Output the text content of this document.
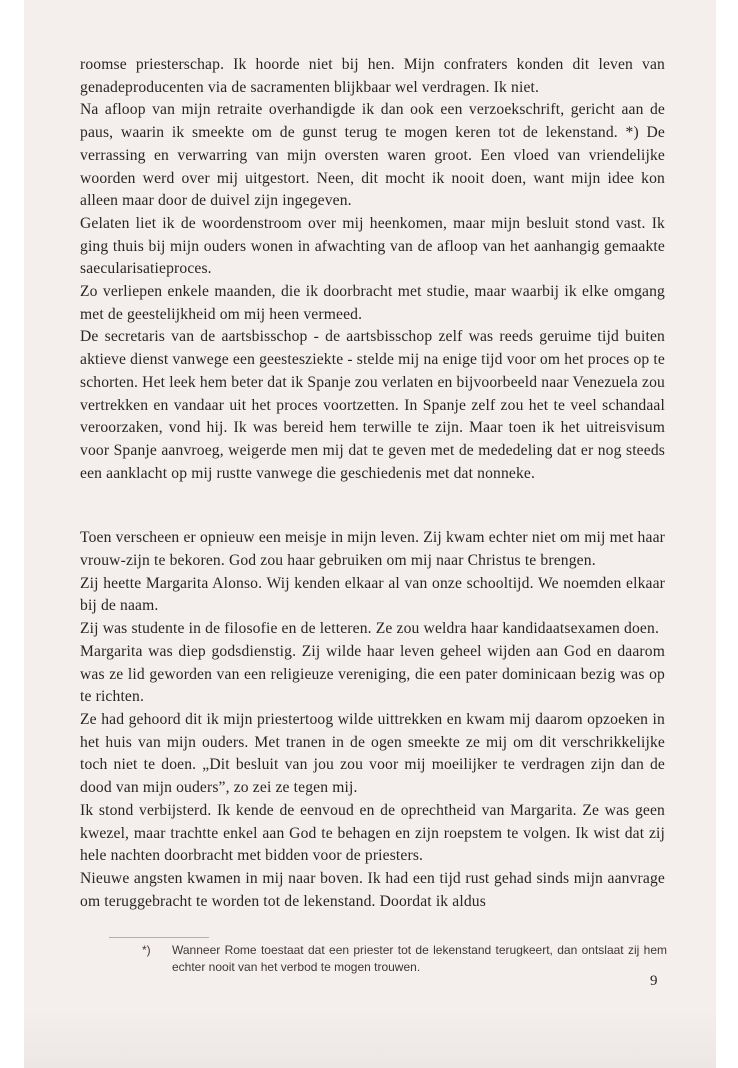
roomse priesterschap. Ik hoorde niet bij hen. Mijn confraters konden dit leven van genadeproducenten via de sacramenten blijkbaar wel verdragen. Ik niet.

Na afloop van mijn retraite overhandigde ik dan ook een verzoekschrift, gericht aan de paus, waarin ik smeekte om de gunst terug te mogen keren tot de lekenstand. *) De verrassing en verwarring van mijn oversten waren groot. Een vloed van vriendelijke woorden werd over mij uitgestort. Neen, dit mocht ik nooit doen, want mijn idee kon alleen maar door de duivel zijn ingegeven.

Gelaten liet ik de woordenstroom over mij heenkomen, maar mijn besluit stond vast. Ik ging thuis bij mijn ouders wonen in afwachting van de afloop van het aanhangig gemaakte saecularisatieproces.

Zo verliepen enkele maanden, die ik doorbracht met studie, maar waarbij ik elke omgang met de geestelijkheid om mij heen vermeed.

De secretaris van de aartsbisschop - de aartsbisschop zelf was reeds geruime tijd buiten aktieve dienst vanwege een geestesziekte - stelde mij na enige tijd voor om het proces op te schorten. Het leek hem beter dat ik Spanje zou verlaten en bijvoorbeeld naar Venezuela zou vertrekken en vandaar uit het proces voortzetten. In Spanje zelf zou het te veel schandaal veroorzaken, vond hij. Ik was bereid hem terwille te zijn. Maar toen ik het uitreisvisum voor Spanje aanvroeg, weigerde men mij dat te geven met de mededeling dat er nog steeds een aanklacht op mij rustte vanwege die geschiedenis met dat nonneke.

Toen verscheen er opnieuw een meisje in mijn leven. Zij kwam echter niet om mij met haar vrouw-zijn te bekoren. God zou haar gebruiken om mij naar Christus te brengen.

Zij heette Margarita Alonso. Wij kenden elkaar al van onze schooltijd. We noemden elkaar bij de naam.

Zij was studente in de filosofie en de letteren. Ze zou weldra haar kandidaatsexamen doen.

Margarita was diep godsdienstig. Zij wilde haar leven geheel wijden aan God en daarom was ze lid geworden van een religieuze vereniging, die een pater dominicaan bezig was op te richten.

Ze had gehoord dit ik mijn priestertoog wilde uittrekken en kwam mij daarom opzoeken in het huis van mijn ouders. Met tranen in de ogen smeekte ze mij om dit verschrikkelijke toch niet te doen. „Dit besluit van jou zou voor mij moeilijker te verdragen zijn dan de dood van mijn ouders”, zo zei ze tegen mij.

Ik stond verbijsterd. Ik kende de eenvoud en de oprechtheid van Margarita. Ze was geen kwezel, maar trachtte enkel aan God te behagen en zijn roepstem te volgen. Ik wist dat zij hele nachten doorbracht met bidden voor de priesters.

Nieuwe angsten kwamen in mij naar boven. Ik had een tijd rust gehad sinds mijn aanvrage om teruggebracht te worden tot de lekenstand. Doordat ik aldus

*)	Wanneer Rome toestaat dat een priester tot de lekenstand terugkeert, dan ontslaat zij hem echter nooit van het verbod te mogen trouwen.
9
